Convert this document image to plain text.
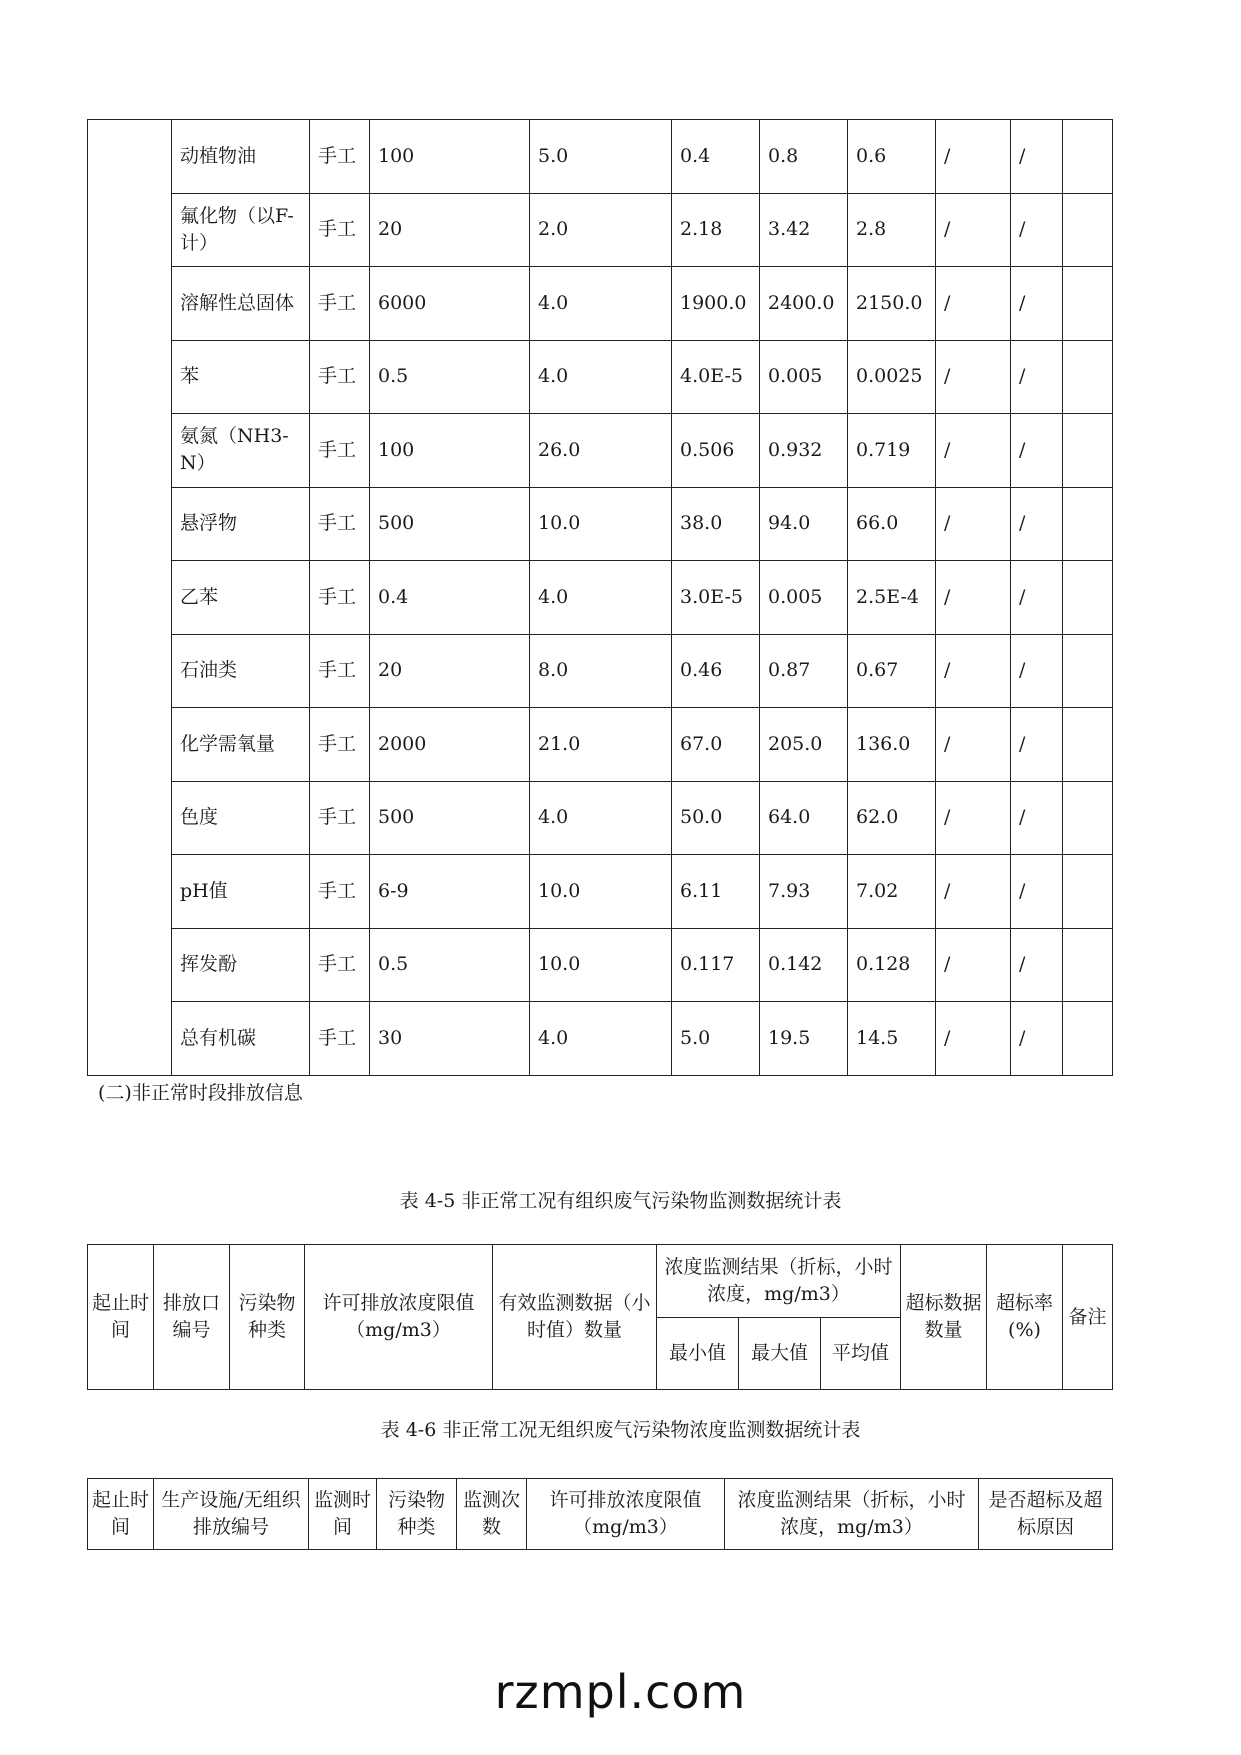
	动植物油	手工	100	5.0	0.4	0.8	0.6	/	/	
	氟化物（以F-计）	手工	20	2.0	2.18	3.42	2.8	/	/	
	溶解性总固体	手工	6000	4.0	1900.0	2400.0	2150.0	/	/	
	苯	手工	0.5	4.0	4.0E-5	0.005	0.0025	/	/	
	氨氮（NH3-N）	手工	100	26.0	0.506	0.932	0.719	/	/	
	悬浮物	手工	500	10.0	38.0	94.0	66.0	/	/	
	乙苯	手工	0.4	4.0	3.0E-5	0.005	2.5E-4	/	/	
	石油类	手工	20	8.0	0.46	0.87	0.67	/	/	
	化学需氧量	手工	2000	21.0	67.0	205.0	136.0	/	/	
	色度	手工	500	4.0	50.0	64.0	62.0	/	/	
	pH值	手工	6-9	10.0	6.11	7.93	7.02	/	/	
	挥发酚	手工	0.5	10.0	0.117	0.142	0.128	/	/	
	总有机碳	手工	30	4.0	5.0	19.5	14.5	/	/	
(二)非正常时段排放信息
表 4-5 非正常工况有组织废气污染物监测数据统计表
起止时间	排放口编号	污染物种类	许可排放浓度限值（mg/m3）	有效监测数据（小时值）数量	浓度监测结果（折标，小时浓度，mg/m3）			超标数据数量	超标率(%)	备注
					最小值	最大值	平均值			
表 4-6 非正常工况无组织废气污染物浓度监测数据统计表
起止时间	生产设施/无组织排放编号	监测时间	污染物种类	监测次数	许可排放浓度限值（mg/m3）	浓度监测结果（折标，小时浓度，mg/m3）	是否超标及超标原因
rzmpl.com
